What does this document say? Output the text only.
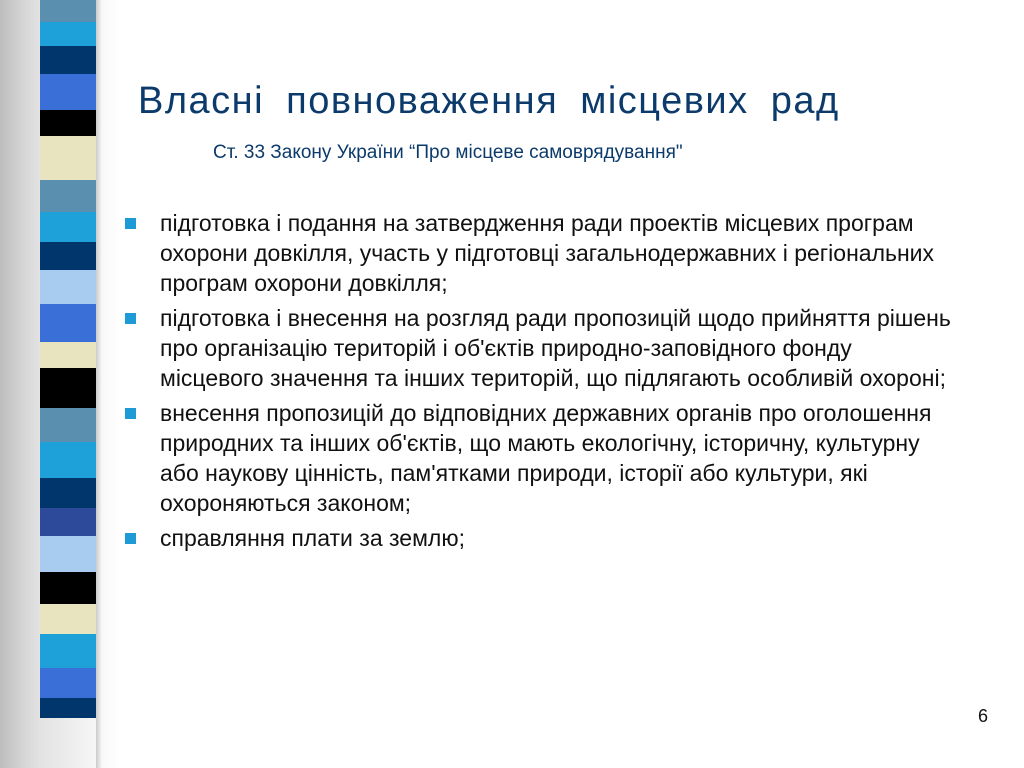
Власні повноваження місцевих рад

Ст. 33 Закону України “Про місцеве самоврядування"

підготовка і подання на затвердження ради проектів місцевих програм охорони довкілля, участь у підготовці загальнодержавних і регіональних програм охорони довкілля;
підготовка і внесення на розгляд ради пропозицій щодо прийняття рішень про організацію територій і об'єктів природно-заповідного фонду місцевого значення та інших територій, що підлягають особливій охороні;
внесення пропозицій до відповідних державних органів про оголошення природних та інших об'єктів, що мають екологічну, історичну, культурну або наукову цінність, пам'ятками природи, історії або культури, які охороняються законом;
справляння плати за землю;
6
